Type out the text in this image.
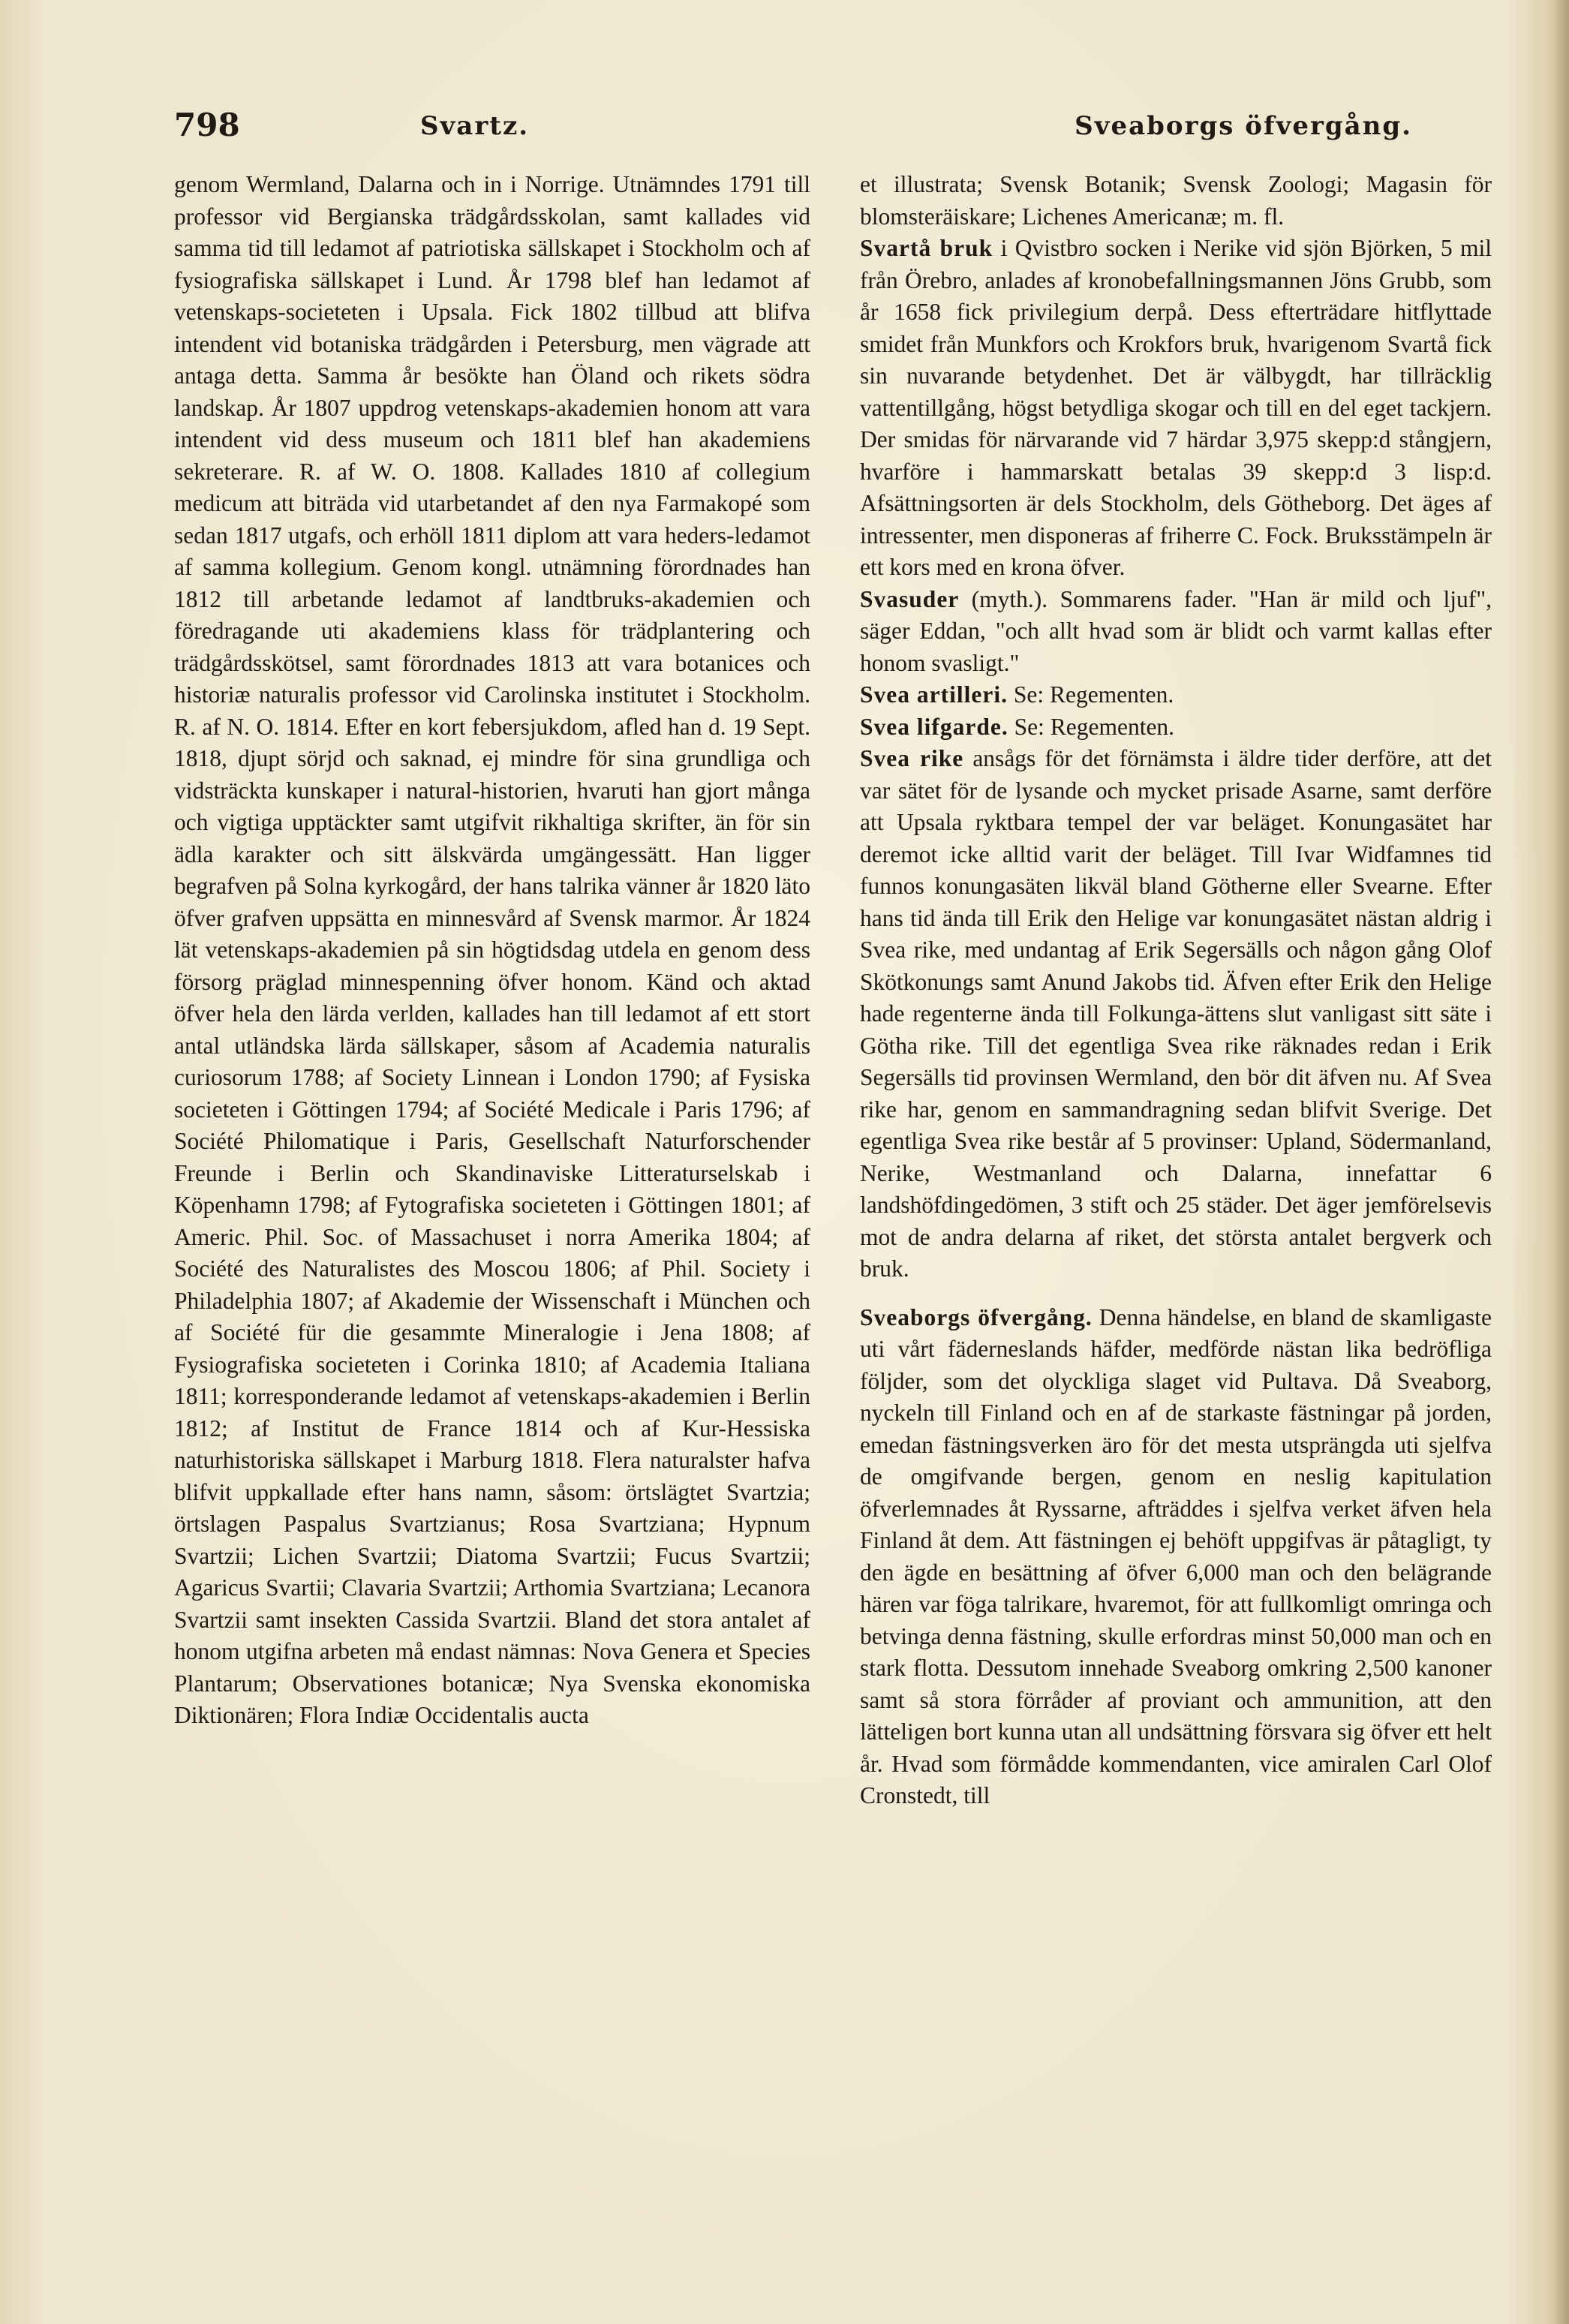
798	Svartz.	Sveaborgs öfvergång.

genom Wermland, Dalarna och in i Norrige. Utnämndes 1791 till professor vid Bergianska trädgårdsskolan, samt kallades vid samma tid till ledamot af patriotiska sällskapet i Stockholm och af fysiografiska sällskapet i Lund. År 1798 blef han ledamot af vetenskaps-societeten i Upsala. Fick 1802 tillbud att blifva intendent vid botaniska trädgården i Petersburg, men vägrade att antaga detta. Samma år besökte han Öland och rikets södra landskap. År 1807 uppdrog vetenskaps-akademien honom att vara intendent vid dess museum och 1811 blef han akademiens sekreterare. R. af W. O. 1808. Kallades 1810 af collegium medicum att biträda vid utarbetandet af den nya Farmakopé som sedan 1817 utgafs, och erhöll 1811 diplom att vara heders-ledamot af samma kollegium. Genom kongl. utnämning förordnades han 1812 till arbetande ledamot af landtbruks-akademien och föredragande uti akademiens klass för trädplantering och trädgårdsskötsel, samt förordnades 1813 att vara botanices och historiæ naturalis professor vid Carolinska institutet i Stockholm. R. af N. O. 1814. Efter en kort febersjukdom, afled han d. 19 Sept. 1818, djupt sörjd och saknad, ej mindre för sina grundliga och vidsträckta kunskaper i natural-historien, hvaruti han gjort många och vigtiga upptäckter samt utgifvit rikhaltiga skrifter, än för sin ädla karakter och sitt älskvärda umgängessätt. Han ligger begrafven på Solna kyrkogård, der hans talrika vänner år 1820 läto öfver grafven uppsätta en minnesvård af Svensk marmor. År 1824 lät vetenskaps-akademien på sin högtidsdag utdela en genom dess försorg präglad minnespenning öfver honom. Känd och aktad öfver hela den lärda verlden, kallades han till ledamot af ett stort antal utländska lärda sällskaper, såsom af Academia naturalis curiosorum 1788; af Society Linnean i London 1790; af Fysiska societeten i Göttingen 1794; af Société Medicale i Paris 1796; af Société Philomatique i Paris, Gesellschaft Naturforschender Freunde i Berlin och Skandinaviske Litteraturselskab i Köpenhamn 1798; af Fytografiska societeten i Göttingen 1801; af Americ. Phil. Soc. of Massachuset i norra Amerika 1804; af Société des Naturalistes des Moscou 1806; af Phil. Society i Philadelphia 1807; af Akademie der Wissenschaft i München och af Société für die gesammte Mineralogie i Jena 1808; af Fysiografiska societeten i Corinka 1810; af Academia Italiana 1811; korresponderande ledamot af vetenskaps-akademien i Berlin 1812; af Institut de France 1814 och af Kur-Hessiska naturhistoriska sällskapet i Marburg 1818. Flera naturalster hafva blifvit uppkallade efter hans namn, såsom: örtslägtet Svartzia; örtslagen Paspalus Svartzianus; Rosa Svartziana; Hypnum Svartzii; Lichen Svartzii; Diatoma Svartzii; Fucus Svartzii; Agaricus Svartii; Clavaria Svartzii; Arthomia Svartziana; Lecanora Svartzii samt insekten Cassida Svartzii. Bland det stora antalet af honom utgifna arbeten må endast nämnas: Nova Genera et Species Plantarum; Observationes botanicæ; Nya Svenska ekonomiska Diktionären; Flora Indiæ Occidentalis aucta

et illustrata; Svensk Botanik; Svensk Zoologi; Magasin för blomsteräiskare; Lichenes Americanæ; m. fl.

Svartå bruk i Qvistbro socken i Nerike vid sjön Björken, 5 mil från Örebro, anlades af kronobefallningsmannen Jöns Grubb, som år 1658 fick privilegium derpå. Dess efterträdare hitflyttade smidet från Munkfors och Krokfors bruk, hvarigenom Svartå fick sin nuvarande betydenhet. Det är välbygdt, har tillräcklig vattentillgång, högst betydliga skogar och till en del eget tackjern. Der smidas för närvarande vid 7 härdar 3,975 skepp:d stångjern, hvarföre i hammarskatt betalas 39 skepp:d 3 lisp:d. Afsättningsorten är dels Stockholm, dels Götheborg. Det äges af intressenter, men disponeras af friherre C. Fock. Bruksstämpeln är ett kors med en krona öfver.

Svasuder (myth.). Sommarens fader. "Han är mild och ljuf", säger Eddan, "och allt hvad som är blidt och varmt kallas efter honom svasligt."

Svea artilleri. Se: Regementen.

Svea lifgarde. Se: Regementen.

Svea rike ansågs för det förnämsta i äldre tider derföre, att det var sätet för de lysande och mycket prisade Asarne, samt derföre att Upsala ryktbara tempel der var beläget. Konungasätet har deremot icke alltid varit der beläget. Till Ivar Widfamnes tid funnos konungasäten likväl bland Götherne eller Svearne. Efter hans tid ända till Erik den Helige var konungasätet nästan aldrig i Svea rike, med undantag af Erik Segersälls och någon gång Olof Skötkonungs samt Anund Jakobs tid. Äfven efter Erik den Helige hade regenterne ända till Folkunga-ättens slut vanligast sitt säte i Götha rike. Till det egentliga Svea rike räknades redan i Erik Segersälls tid provinsen Wermland, den bör dit äfven nu. Af Svea rike har, genom en sammandragning sedan blifvit Sverige. Det egentliga Svea rike består af 5 provinser: Upland, Södermanland, Nerike, Westmanland och Dalarna, innefattar 6 landshöfdingedömen, 3 stift och 25 städer. Det äger jemförelsevis mot de andra delarna af riket, det största antalet bergverk och bruk.

Sveaborgs öfvergång. Denna händelse, en bland de skamligaste uti vårt fäderneslands häfder, medförde nästan lika bedröfliga följder, som det olyckliga slaget vid Pultava. Då Sveaborg, nyckeln till Finland och en af de starkaste fästningar på jorden, emedan fästningsverken äro för det mesta utsprängda uti sjelfva de omgifvande bergen, genom en neslig kapitulation öfverlemnades åt Ryssarne, afträddes i sjelfva verket äfven hela Finland åt dem. Att fästningen ej behöft uppgifvas är påtagligt, ty den ägde en besättning af öfver 6,000 man och den belägrande hären var föga talrikare, hvaremot, för att fullkomligt omringa och betvinga denna fästning, skulle erfordras minst 50,000 man och en stark flotta. Dessutom innehade Sveaborg omkring 2,500 kanoner samt så stora förråder af proviant och ammunition, att den lätteligen bort kunna utan all undsättning försvara sig öfver ett helt år. Hvad som förmådde kommendanten, vice amiralen Carl Olof Cronstedt, till
